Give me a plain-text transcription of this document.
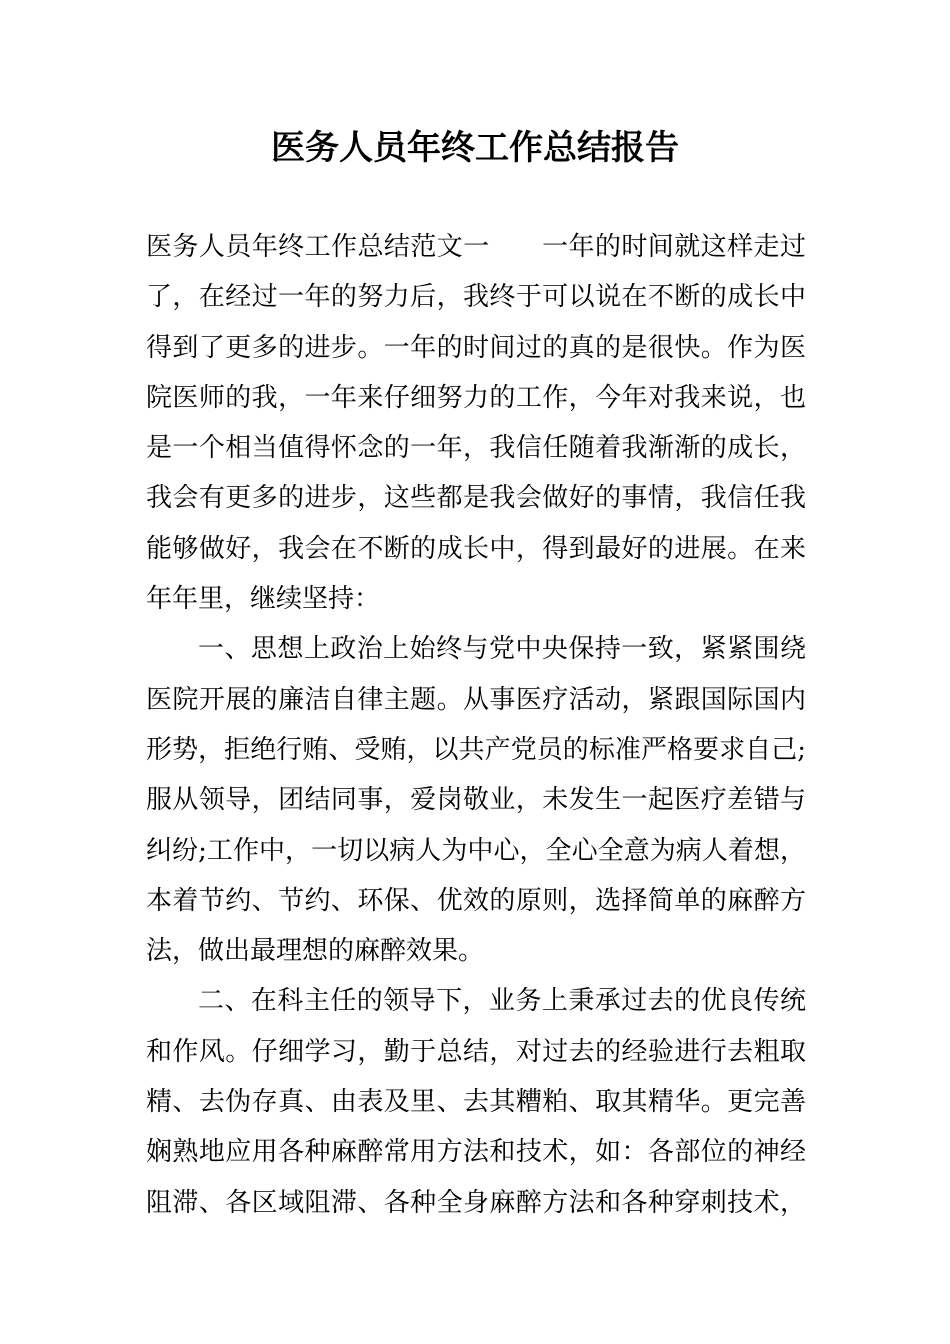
医务人员年终工作总结报告
医务人员年终工作总结范文一 一年的时间就这样走过
了，在经过一年的努力后，我终于可以说在不断的成长中
得到了更多的进步。一年的时间过的真的是很快。作为医
院医师的我，一年来仔细努力的工作，今年对我来说，也
是一个相当值得怀念的一年，我信任随着我渐渐的成长，
我会有更多的进步，这些都是我会做好的事情，我信任我
能够做好，我会在不断的成长中，得到最好的进展。在来
年年里，继续坚持：
一、思想上政治上始终与党中央保持一致，紧紧围绕
医院开展的廉洁自律主题。从事医疗活动，紧跟国际国内
形势，拒绝行贿、受贿，以共产党员的标准严格要求自己;
服从领导，团结同事，爱岗敬业，未发生一起医疗差错与
纠纷;工作中，一切以病人为中心，全心全意为病人着想，
本着节约、节约、环保、优效的原则，选择简单的麻醉方
法，做出最理想的麻醉效果。
二、在科主任的领导下，业务上秉承过去的优良传统
和作风。仔细学习，勤于总结，对过去的经验进行去粗取
精、去伪存真、由表及里、去其糟粕、取其精华。更完善
娴熟地应用各种麻醉常用方法和技术，如：各部位的神经
阻滞、各区域阻滞、各种全身麻醉方法和各种穿刺技术，
